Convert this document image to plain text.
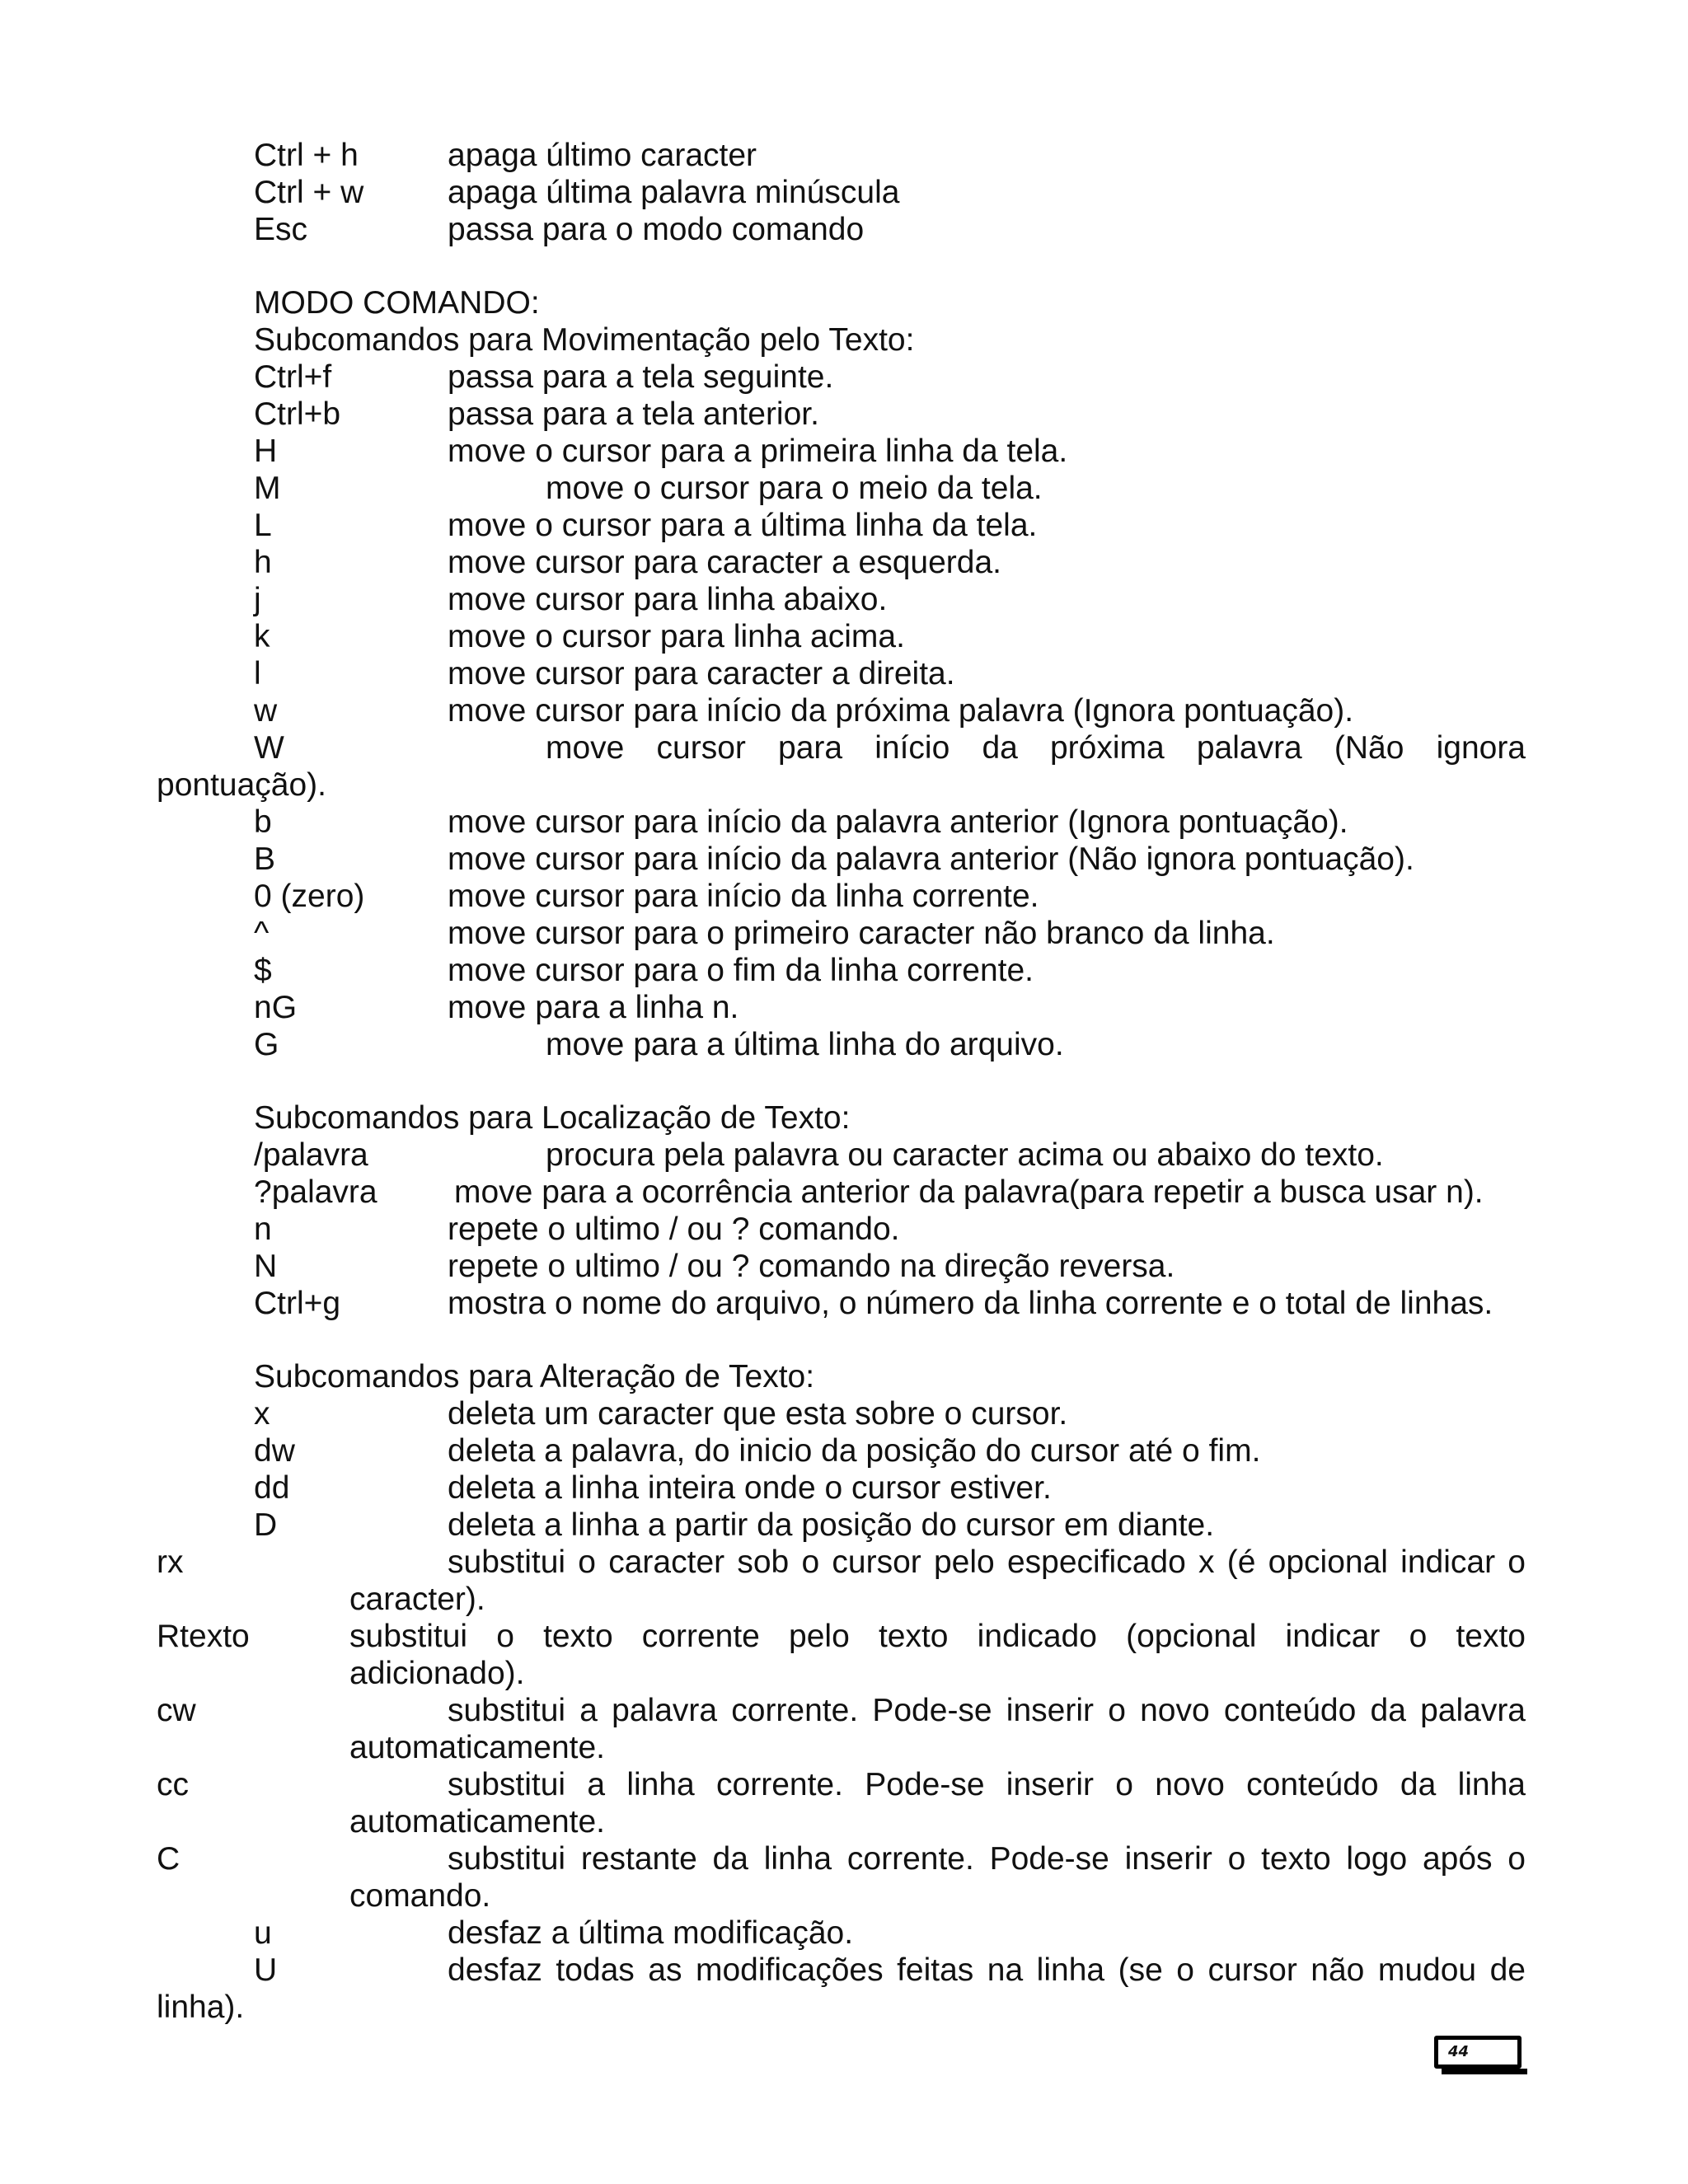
Ctrl + h	apaga último caracter
Ctrl + w	apaga última palavra minúscula
Esc	passa para o modo comando
MODO COMANDO:
Subcomandos para Movimentação pelo Texto:
Ctrl+f	passa para a tela seguinte.
Ctrl+b	passa para a tela anterior.
H	move o cursor para a primeira linha da tela.
M	move o cursor para o meio da tela.
L	move o cursor para a última linha da tela.
h	move cursor para caracter a esquerda.
j	move cursor para linha abaixo.
k	move o cursor para linha acima.
l	move cursor para caracter a direita.
w	move cursor para início da próxima palavra (Ignora pontuação).
W	move cursor para início da próxima palavra (Não ignora
pontuação).
b	move cursor para início da palavra anterior (Ignora pontuação).
B	move cursor para início da palavra anterior (Não ignora pontuação).
0 (zero)	move cursor para início da linha corrente.
^	move cursor para o primeiro caracter não branco da linha.
$	move cursor para o fim da linha corrente.
nG	move para a linha n.
G	move para a última linha do arquivo.
Subcomandos para Localização de Texto:
/palavra	procura pela palavra ou caracter acima ou abaixo do texto.
?palavra move para a ocorrência anterior da palavra(para repetir a busca usar n).
n	repete o ultimo / ou ? comando.
N	repete o ultimo / ou ? comando na direção reversa.
Ctrl+g	mostra o nome do arquivo, o número da linha corrente e o total de linhas.
Subcomandos para Alteração de Texto:
x	deleta um caracter que esta sobre o cursor.
dw	deleta a palavra, do inicio da posição do cursor até o fim.
dd	deleta a linha inteira onde o cursor estiver.
D	deleta a linha a partir da posição do cursor em diante.
rx	substitui o caracter sob o cursor pelo especificado x (é opcional indicar o
caracter).
Rtexto	substitui o texto corrente pelo texto indicado (opcional indicar o texto
adicionado).
cw	substitui a palavra corrente. Pode-se inserir o novo conteúdo da palavra
automaticamente.
cc	substitui a linha corrente. Pode-se inserir o novo conteúdo da linha
automaticamente.
C	substitui restante da linha corrente. Pode-se inserir o texto logo após o
comando.
u	desfaz a última modificação.
U	desfaz todas as modificações feitas na linha (se o cursor não mudou de
linha).
44
